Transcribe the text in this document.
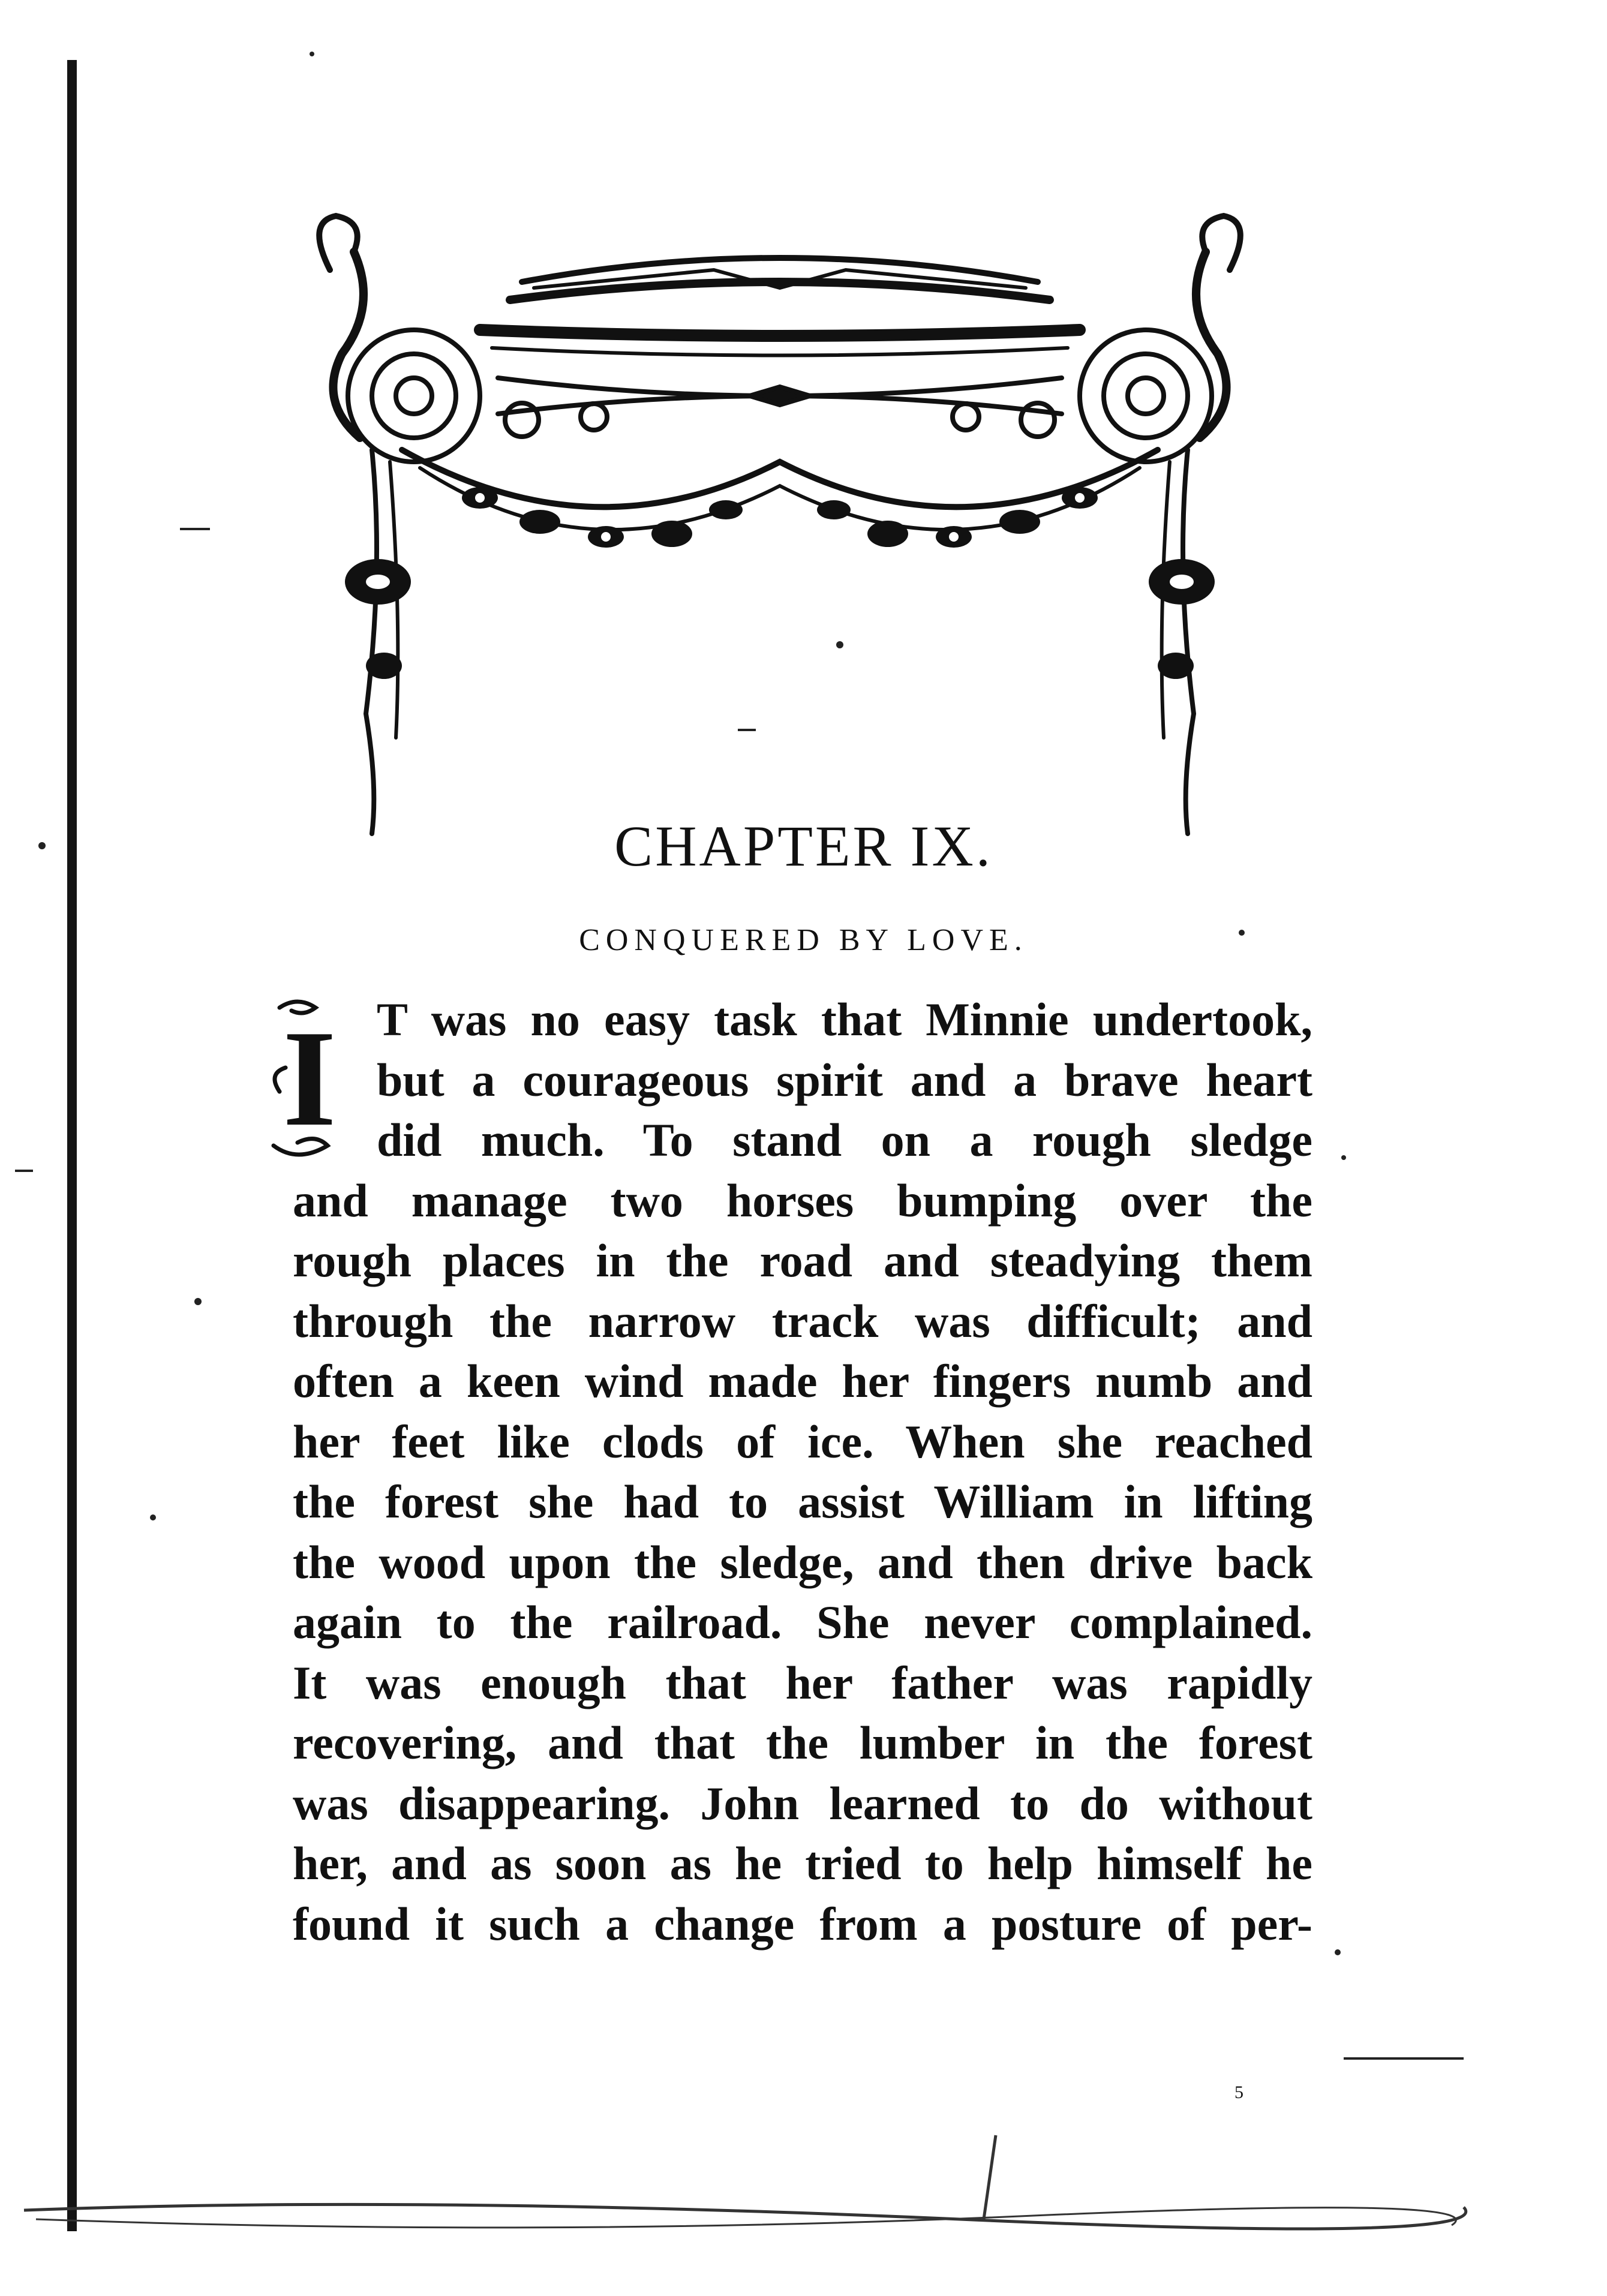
CHAPTER IX.
CONQUERED BY LOVE.
I T was no easy task that Minnie undertook,
but a courageous spirit and a brave heart
did much. To stand on a rough sledge
and manage two horses bumping over the
rough places in the road and steadying them
through the narrow track was difficult; and
often a keen wind made her fingers numb and
her feet like clods of ice. When she reached
the forest she had to assist William in lifting
the wood upon the sledge, and then drive back
again to the railroad. She never complained.
It was enough that her father was rapidly
recovering, and that the lumber in the forest
was disappearing. John learned to do without
her, and as soon as he tried to help himself he
found it such a change from a posture of per-
5
